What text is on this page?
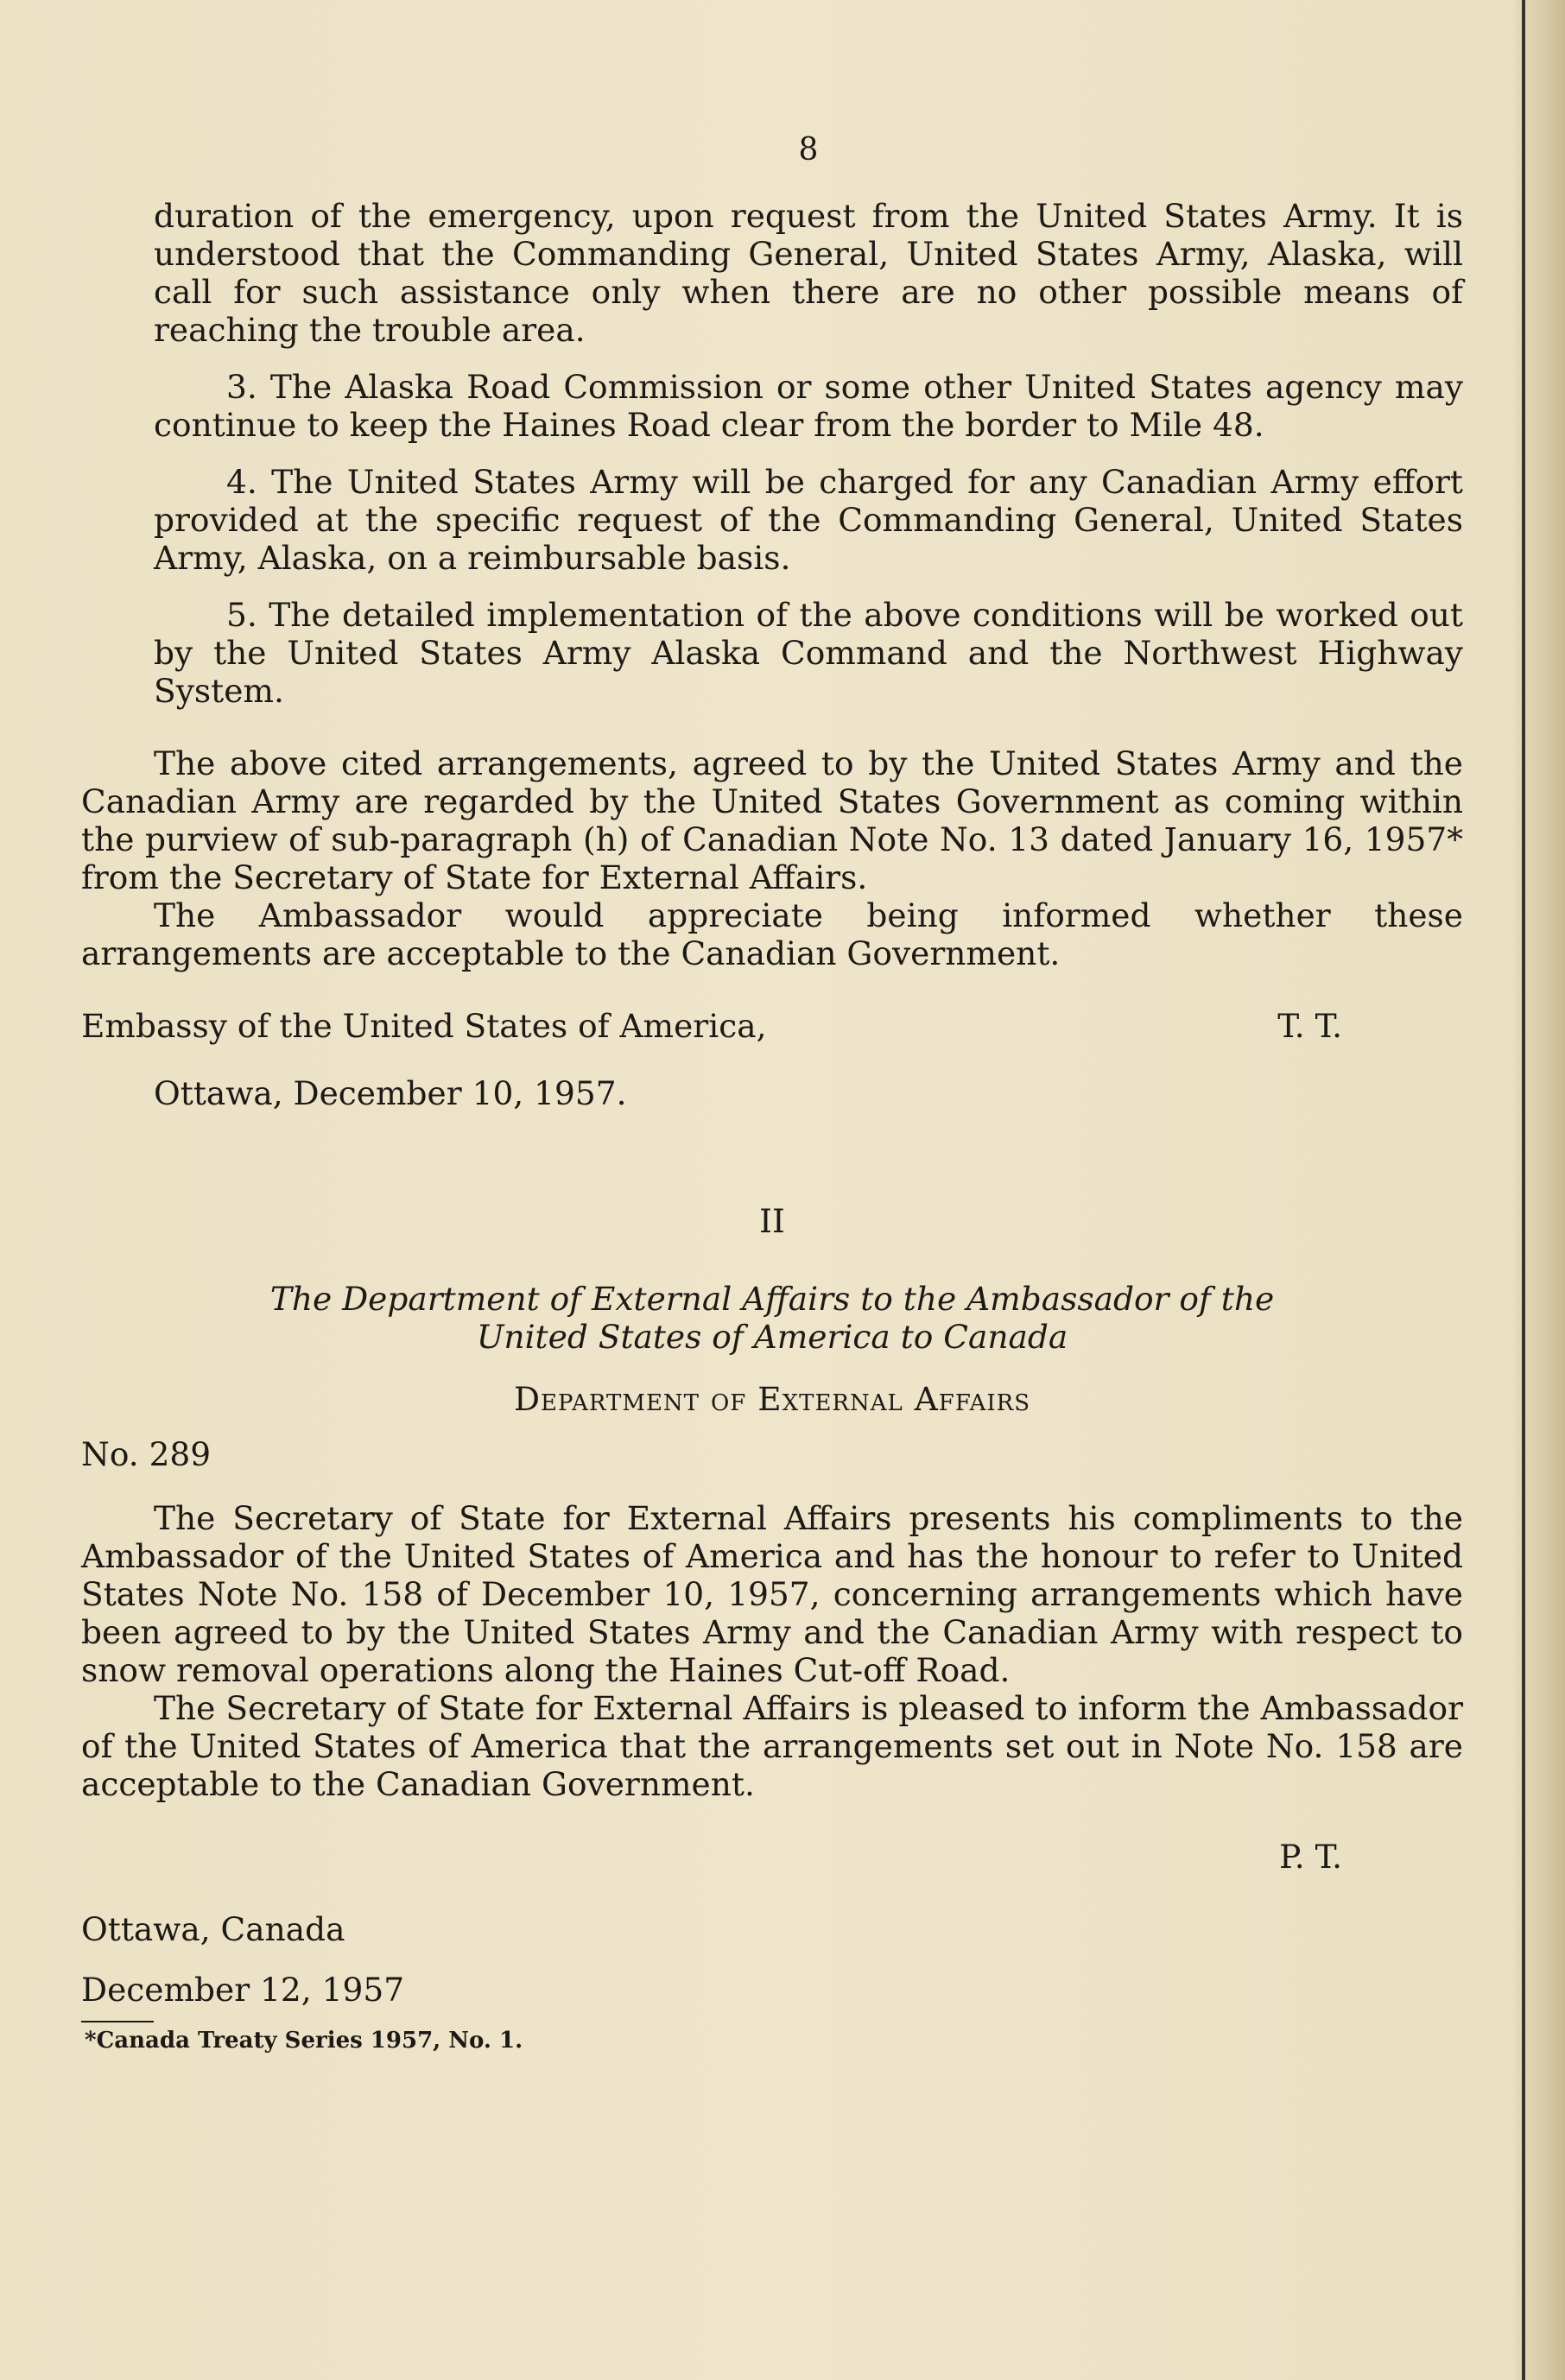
8

duration of the emergency, upon request from the United States Army. It is understood that the Commanding General, United States Army, Alaska, will call for such assistance only when there are no other possible means of reaching the trouble area.

3. The Alaska Road Commission or some other United States agency may continue to keep the Haines Road clear from the border to Mile 48.

4. The United States Army will be charged for any Canadian Army effort provided at the specific request of the Commanding General, United States Army, Alaska, on a reimbursable basis.

5. The detailed implementation of the above conditions will be worked out by the United States Army Alaska Command and the Northwest Highway System.

The above cited arrangements, agreed to by the United States Army and the Canadian Army are regarded by the United States Government as coming within the purview of sub-paragraph (h) of Canadian Note No. 13 dated January 16, 1957* from the Secretary of State for External Affairs.

The Ambassador would appreciate being informed whether these arrangements are acceptable to the Canadian Government.

Embassy of the United States of America,	T. T.

Ottawa, December 10, 1957.

II
The Department of External Affairs to the Ambassador of the
United States of America to Canada
Department of External Affairs

No. 289

The Secretary of State for External Affairs presents his compliments to the Ambassador of the United States of America and has the honour to refer to United States Note No. 158 of December 10, 1957, concerning arrangements which have been agreed to by the United States Army and the Canadian Army with respect to snow removal operations along the Haines Cut-off Road.

The Secretary of State for External Affairs is pleased to inform the Ambassador of the United States of America that the arrangements set out in Note No. 158 are acceptable to the Canadian Government.

P. T.

Ottawa, Canada

December 12, 1957

*Canada Treaty Series 1957, No. 1.
